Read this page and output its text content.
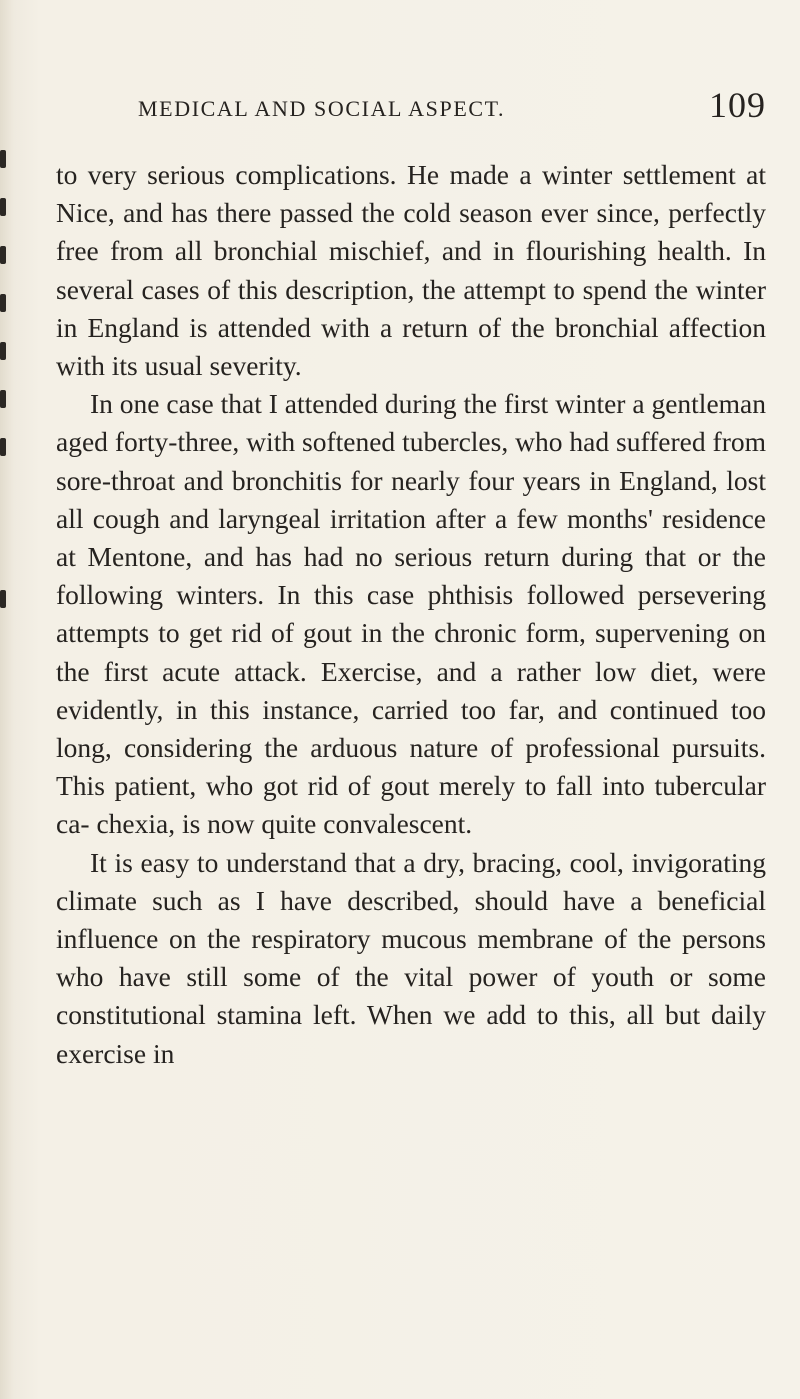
MEDICAL AND SOCIAL ASPECT.	109

to very serious complications. He made a winter settlement at Nice, and has there passed the cold season ever since, perfectly free from all bronchial mischief, and in flourishing health. In several cases of this description, the attempt to spend the winter in England is attended with a return of the bronchial affection with its usual severity.

In one case that I attended during the first winter a gentleman aged forty-three, with softened tubercles, who had suffered from sore-throat and bronchitis for nearly four years in England, lost all cough and laryngeal irritation after a few months' residence at Mentone, and has had no serious return during that or the following winters. In this case phthisis followed persevering attempts to get rid of gout in the chronic form, supervening on the first acute attack. Exercise, and a rather low diet, were evidently, in this instance, carried too far, and continued too long, considering the arduous nature of professional pursuits. This patient, who got rid of gout merely to fall into tubercular ca- chexia, is now quite convalescent.

It is easy to understand that a dry, bracing, cool, invigorating climate such as I have described, should have a beneficial influence on the respiratory mucous membrane of the persons who have still some of the vital power of youth or some constitutional stamina left. When we add to this, all but daily exercise in
